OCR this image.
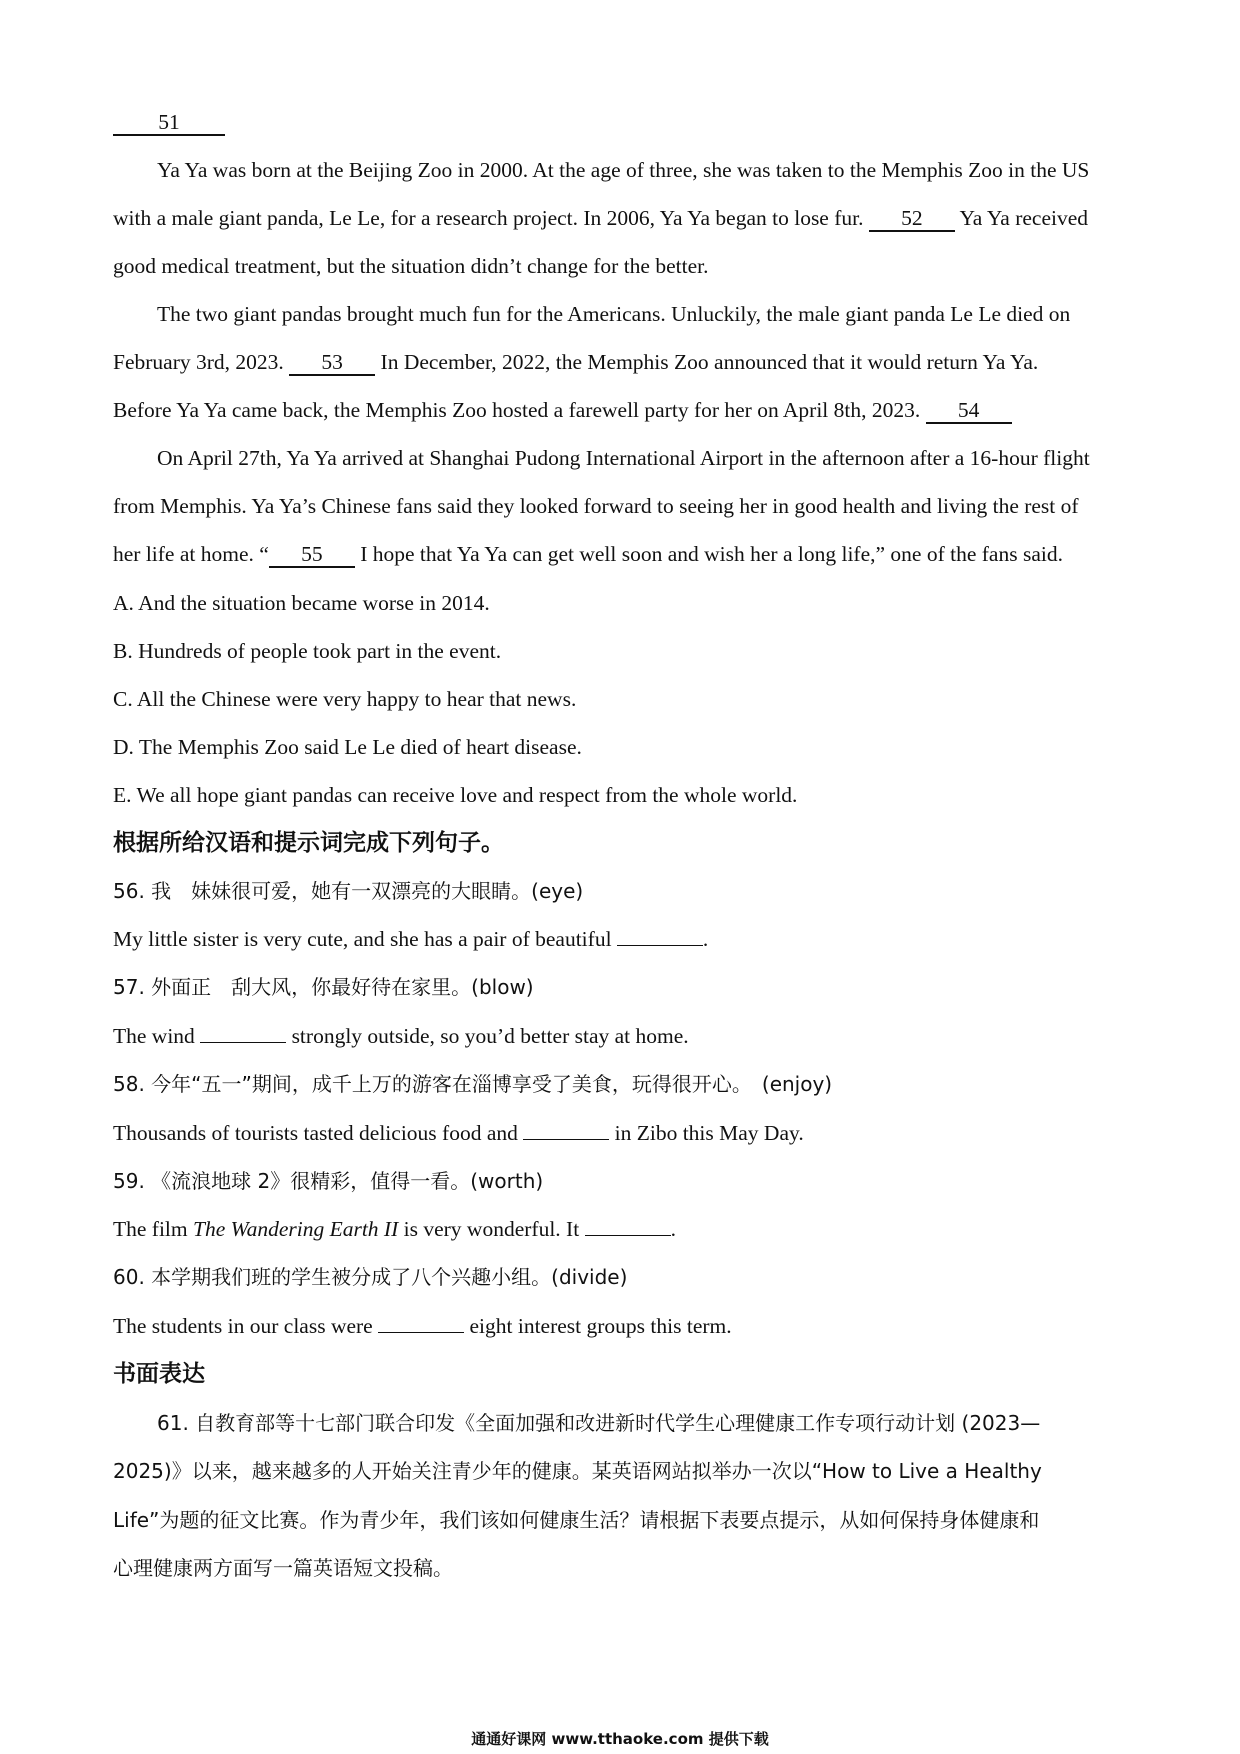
51
Ya Ya was born at the Beijing Zoo in 2000. At the age of three, she was taken to the Memphis Zoo in the US
with a male giant panda, Le Le, for a research project. In 2006, Ya Ya began to lose fur. 52 Ya Ya received
good medical treatment, but the situation didn’t change for the better.
The two giant pandas brought much fun for the Americans. Unluckily, the male giant panda Le Le died on
February 3rd, 2023. 53 In December, 2022, the Memphis Zoo announced that it would return Ya Ya.
Before Ya Ya came back, the Memphis Zoo hosted a farewell party for her on April 8th, 2023. 54
On April 27th, Ya Ya arrived at Shanghai Pudong International Airport in the afternoon after a 16-hour flight
from Memphis. Ya Ya’s Chinese fans said they looked forward to seeing her in good health and living the rest of
her life at home. “ 55 I hope that Ya Ya can get well soon and wish her a long life,” one of the fans said.
A. And the situation became worse in 2014.
B. Hundreds of people took part in the event.
C. All the Chinese were very happy to hear that news.
D. The Memphis Zoo said Le Le died of heart disease.
E. We all hope giant pandas can receive love and respect from the whole world.
根据所给汉语和提示词完成下列句子。
56. 我　妹妹很可爱，她有一双漂亮的大眼睛。(eye)
My little sister is very cute, and she has a pair of beautiful	.
57. 外面正　刮大风，你最好待在家里。(blow)
The wind	strongly outside, so you’d better stay at home.
58. 今年“五一”期间，成千上万的游客在淄博享受了美食，玩得很开心。　(enjoy)
Thousands of tourists tasted delicious food and	in Zibo this May Day.
59. 《流浪地球 2》很精彩，值得一看。(worth)
The film The Wandering Earth II is very wonderful. It	.
60. 本学期我们班的学生被分成了八个兴趣小组。(divide)
The students in our class were	eight interest groups this term.
书面表达
61. 自教育部等十七部门联合印发《全面加强和改进新时代学生心理健康工作专项行动计划 (2023—
2025)》以来，越来越多的人开始关注青少年的健康。某英语网站拟举办一次以“How to Live a Healthy
Life”为题的征文比赛。作为青少年，我们该如何健康生活？请根据下表要点提示，从如何保持身体健康和
心理健康两方面写一篇英语短文投稿。
通通好课网 www.tthaoke.com 提供下载
